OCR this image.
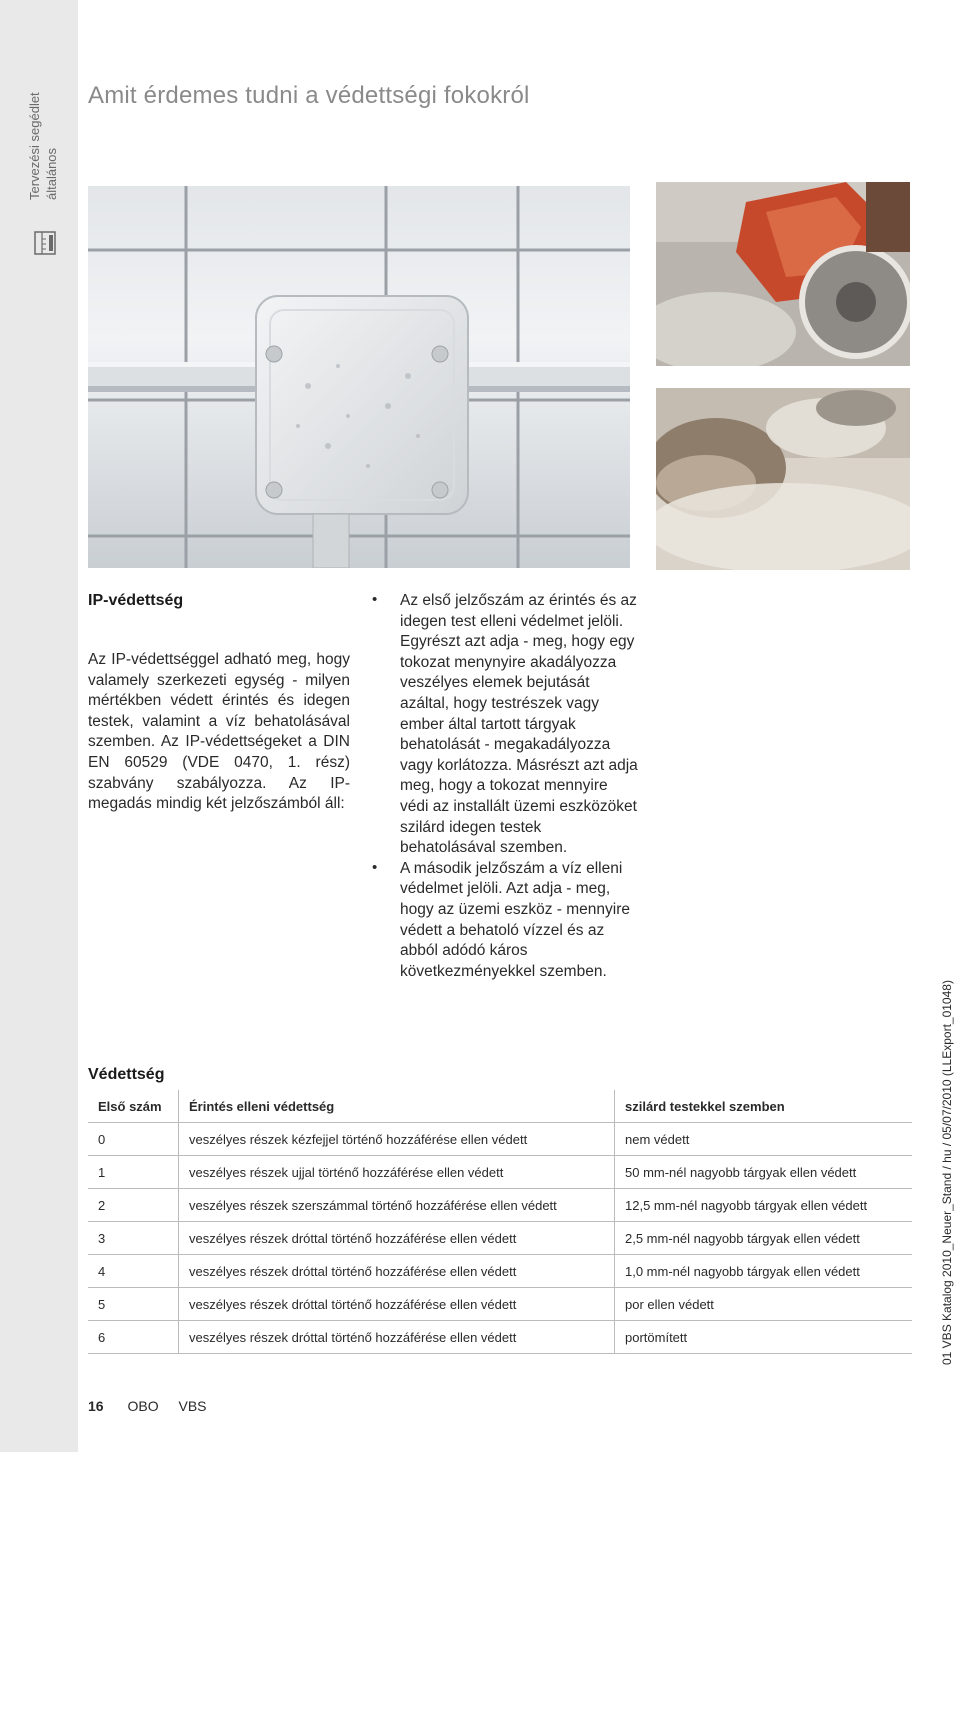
Tervezési segédlet általános
Amit érdemes tudni a védettségi fokokról
IP-védettség
Az IP-védettséggel adható meg, hogy valamely szerkezeti egység - milyen mértékben védett érintés és idegen testek, valamint a víz behatolásával szemben. Az IP-védettségeket a DIN EN 60529 (VDE 0470, 1. rész) szabvány szabályozza. Az IP-megadás mindig két jelzőszámból áll:
• Az első jelzőszám az érintés és az idegen test elleni védelmet jelöli. Egyrészt azt adja - meg, hogy egy tokozat menynyire akadályozza veszélyes elemek bejutását azáltal, hogy testrészek vagy ember által tartott tárgyak behatolását - megakadályozza vagy korlátozza. Másrészt azt adja meg, hogy a tokozat mennyire védi az installált üzemi eszközöket szilárd idegen testek behatolásával szemben.
• A második jelzőszám a víz elleni védelmet jelöli. Azt adja - meg, hogy az üzemi eszköz - mennyire védett a behatoló vízzel és az abból adódó káros következményekkel szemben.
Védettség
Első szám	Érintés elleni védettség	szilárd testekkel szemben
0	veszélyes részek kézfejjel történő hozzáférése ellen védett	nem védett
1	veszélyes részek ujjal történő hozzáférése ellen védett	50 mm-nél nagyobb tárgyak ellen védett
2	veszélyes részek szerszámmal történő hozzáférése ellen védett	12,5 mm-nél nagyobb tárgyak ellen védett
3	veszélyes részek dróttal történő hozzáférése ellen védett	2,5 mm-nél nagyobb tárgyak ellen védett
4	veszélyes részek dróttal történő hozzáférése ellen védett	1,0 mm-nél nagyobb tárgyak ellen védett
5	veszélyes részek dróttal történő hozzáférése ellen védett	por ellen védett
6	veszélyes részek dróttal történő hozzáférése ellen védett	portömített	01 VBS Katalog 2010_Neuer_Stand / hu / 05/07/2010 (LLExport_01048)
16 OBO VBS
